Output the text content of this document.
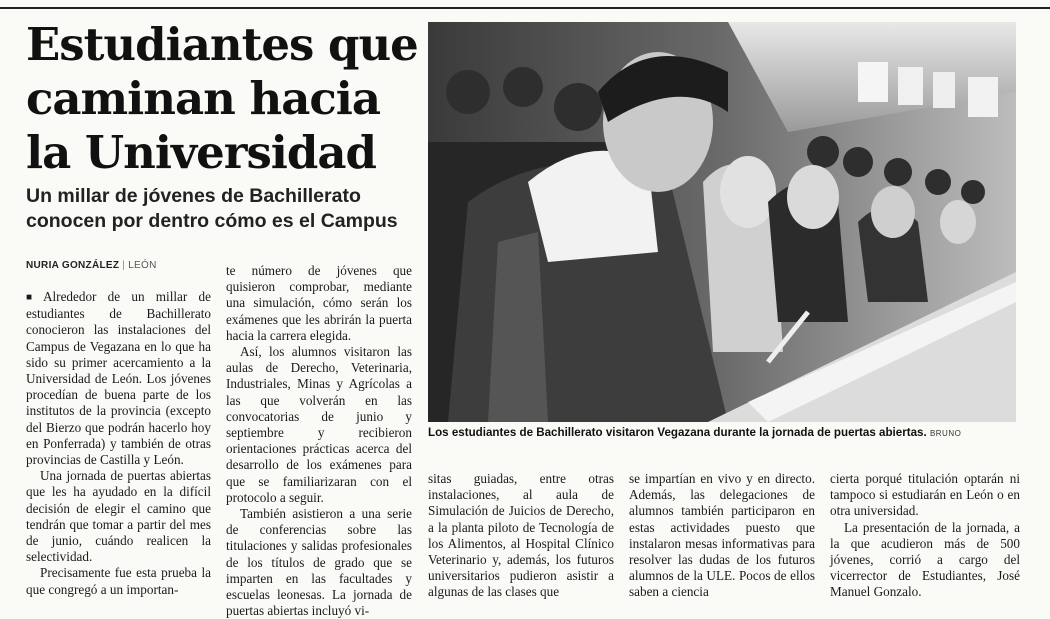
Estudiantes que caminan hacia la Universidad
Un millar de jóvenes de Bachillerato conocen por dentro cómo es el Campus
NURIA GONZÁLEZ | LEÓN

■ Alrededor de un millar de estudiantes de Bachillerato conocieron las instalaciones del Campus de Vegazana en lo que ha sido su primer acercamiento a la Universidad de León. Los jóvenes procedían de buena parte de los institutos de la provincia (excepto del Bierzo que podrán hacerlo hoy en Ponferrada) y también de otras provincias de Castilla y León.

Una jornada de puertas abiertas que les ha ayudado en la difícil decisión de elegir el camino que tendrán que tomar a partir del mes de junio, cuándo realicen la selectividad.

Precisamente fue esta prueba la que congregó a un importan-

te número de jóvenes que quisieron comprobar, mediante una simulación, cómo serán los exámenes que les abrirán la puerta hacia la carrera elegida.

Así, los alumnos visitaron las aulas de Derecho, Veterinaria, Industriales, Minas y Agrícolas a las que volverán en las convocatorias de junio y septiembre y recibieron orientaciones prácticas acerca del desarrollo de los exámenes para que se familiarizaran con el protocolo a seguir.

También asistieron a una serie de conferencias sobre las titulaciones y salidas profesionales de los títulos de grado que se imparten en las facultades y escuelas leonesas. La jornada de puertas abiertas incluyó vi-

Los estudiantes de Bachillerato visitaron Vegazana durante la jornada de puertas abiertas. BRUNO

sitas guiadas, entre otras instalaciones, al aula de Simulación de Juicios de Derecho, a la planta piloto de Tecnología de los Alimentos, al Hospital Clínico Veterinario y, además, los futuros universitarios pudieron asistir a algunas de las clases que

se impartían en vivo y en directo. Además, las delegaciones de alumnos también participaron en estas actividades puesto que instalaron mesas informativas para resolver las dudas de los futuros alumnos de la ULE. Pocos de ellos saben a ciencia

cierta porqué titulación optarán ni tampoco si estudiarán en León o en otra universidad.

La presentación de la jornada, a la que acudieron más de 500 jóvenes, corrió a cargo del vicerrector de Estudiantes, José Manuel Gonzalo.
